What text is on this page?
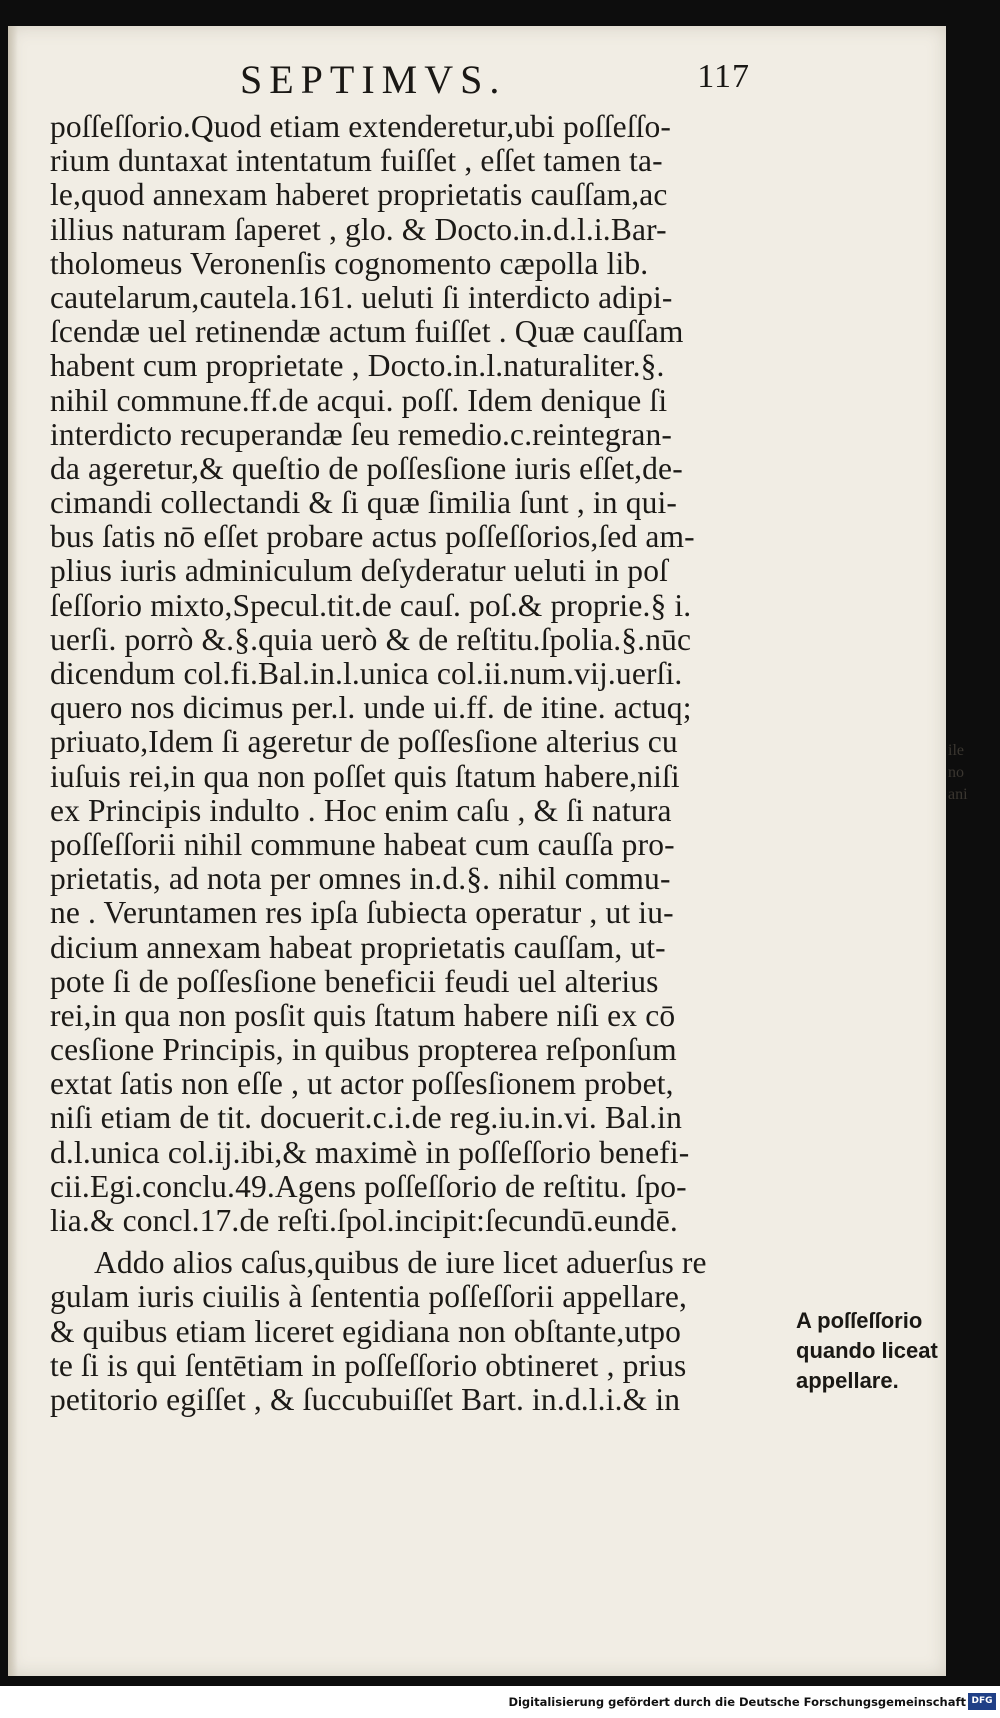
SEPTIMVS.	117
poſſeſſorio.Quod etiam extenderetur,ubi poſſeſſo-
rium duntaxat intentatum fuiſſet , eſſet tamen ta-
le,quod annexam haberet proprietatis cauſſam,ac
illius naturam ſaperet , glo. & Docto.in.d.l.i.Bar-
tholomeus Veronenſis cognomento cæpolla lib.
cautelarum,cautela.161. ueluti ſi interdicto adipi-
ſcendæ uel retinendæ actum fuiſſet . Quæ cauſſam
habent cum proprietate , Docto.in.l.naturaliter.§.
nihil commune.ff.de acqui. poſſ. Idem denique ſi
interdicto recuperandæ ſeu remedio.c.reintegran-
da ageretur,& queſtio de poſſesſione iuris eſſet,de-
cimandi collectandi & ſi quæ ſimilia ſunt , in qui-
bus ſatis nō eſſet probare actus poſſeſſorios,ſed am-
plius iuris adminiculum deſyderatur ueluti in poſ
ſeſſorio mixto,Specul.tit.de cauſ. poſ.& proprie.§ i.
uerſi. porrò &.§.quia uerò & de reſtitu.ſpolia.§.nūc
dicendum col.fi.Bal.in.l.unica col.ii.num.vij.uerſi.
quero nos dicimus per.l. unde ui.ff. de itine. actuq;
priuato,Idem ſi ageretur de poſſesſione alterius cu
iuſuis rei,in qua non poſſet quis ſtatum habere,niſi
ex Principis indulto . Hoc enim caſu , & ſi natura
poſſeſſorii nihil commune habeat cum cauſſa pro-
prietatis, ad nota per omnes in.d.§. nihil commu-
ne . Veruntamen res ipſa ſubiecta operatur , ut iu-
dicium annexam habeat proprietatis cauſſam, ut-
pote ſi de poſſesſione beneficii feudi uel alterius
rei,in qua non posſit quis ſtatum habere niſi ex cō
cesſione Principis, in quibus propterea reſponſum
extat ſatis non eſſe , ut actor poſſesſionem probet,
niſi etiam de tit. docuerit.c.i.de reg.iu.in.vi. Bal.in
d.l.unica col.ij.ibi,& maximè in poſſeſſorio benefi-
cii.Egi.conclu.49.Agens poſſeſſorio de reſtitu. ſpo-
lia.& concl.17.de reſti.ſpol.incipit:ſecundū.eundē.
Addo alios caſus,quibus de iure licet aduerſus re
gulam iuris ciuilis à ſententia poſſeſſorii appellare,
& quibus etiam liceret egidiana non obſtante,utpo
te ſi is qui ſentētiam in poſſeſſorio obtineret , prius
petitorio egiſſet , & ſuccubuiſſet Bart. in.d.l.i.& in
A poſſeſſorio
quando liceat
appellare.
ile
no
ani
Digitalisierung gefördert durch die Deutsche Forschungsgemeinschaft DFG
